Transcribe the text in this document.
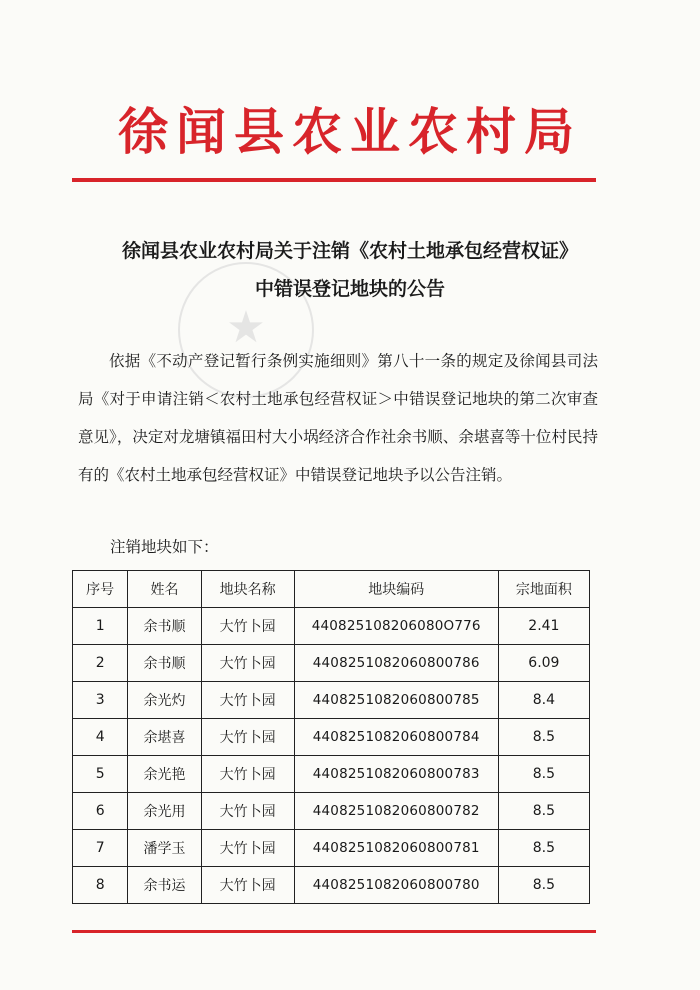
徐闻县农业农村局
★
徐闻县农业农村局关于注销《农村土地承包经营权证》
中错误登记地块的公告
依据《不动产登记暂行条例实施细则》第八十一条的规定及徐闻县司法局《对于申请注销＜农村土地承包经营权证＞中错误登记地块的第二次审查意见》，决定对龙塘镇福田村大小埚经济合作社余书顺、余堪喜等十位村民持有的《农村土地承包经营权证》中错误登记地块予以公告注销。
注销地块如下：
序号	姓名	地块名称	地块编码	宗地面积
1	余书顺	大竹卜园	440825108206080O776	2.41
2	余书顺	大竹卜园	4408251082060800786	6.09
3	余光灼	大竹卜园	4408251082060800785	8.4
4	余堪喜	大竹卜园	4408251082060800784	8.5
5	余光艳	大竹卜园	4408251082060800783	8.5
6	余光用	大竹卜园	4408251082060800782	8.5
7	潘学玉	大竹卜园	4408251082060800781	8.5
8	余书运	大竹卜园	4408251082060800780	8.5
